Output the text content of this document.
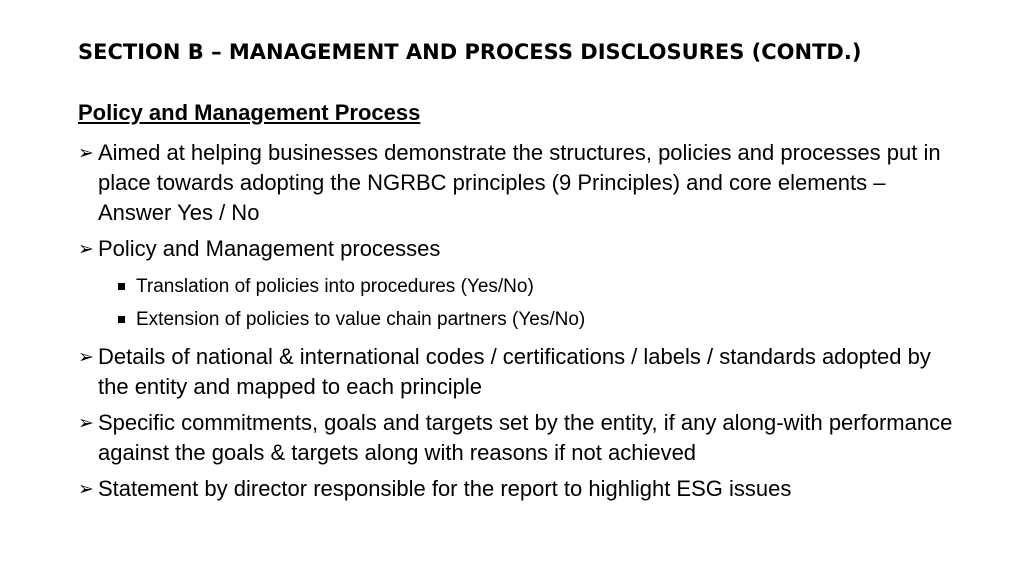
SECTION B – MANAGEMENT AND PROCESS DISCLOSURES (CONTD.)
Policy and Management Process
➢ Aimed at helping businesses demonstrate the structures, policies and processes put in place towards adopting the NGRBC principles (9 Principles) and core elements – Answer Yes / No
➢ Policy and Management processes
Translation of policies into procedures (Yes/No)
Extension of policies to value chain partners (Yes/No)
➢ Details of national & international codes / certifications / labels / standards adopted by the entity and mapped to each principle
➢ Specific commitments, goals and targets set by the entity, if any along-with performance against the goals & targets along with reasons if not achieved
➢ Statement by director responsible for the report to highlight ESG issues
